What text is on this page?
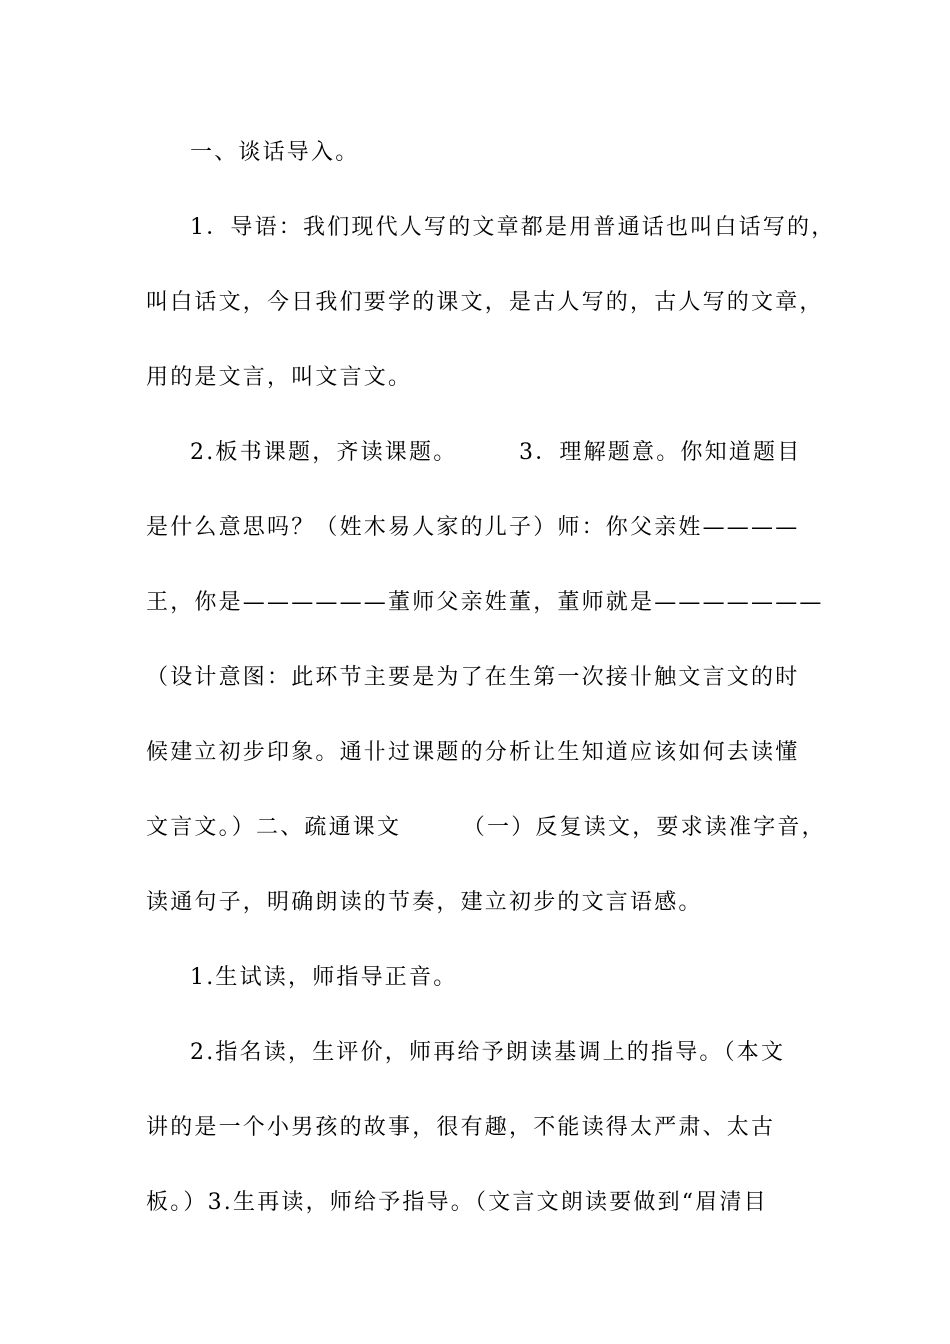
一、谈话导入。
1．导语：我们现代人写的文章都是用普通话也叫白话写的，
叫白话文，今日我们要学的课文，是古人写的，古人写的文章，
用的是文言，叫文言文。
2.板书课题，齐读课题。　　　3．理解题意。你知道题目
是什么意思吗？（姓木易人家的儿子）师：你父亲姓————
王，你是——————董师父亲姓董，董师就是———————
（设计意图：此环节主要是为了在生第一次接卝触文言文的时
候建立初步印象。通卝过课题的分析让生知道应该如何去读懂
文言文。）二、疏通课文　　　（一）反复读文，要求读准字音，
读通句子，明确朗读的节奏，建立初步的文言语感。
1.生试读，师指导正音。
2.指名读，生评价，师再给予朗读基调上的指导。（本文
讲的是一个小男孩的故事，很有趣，不能读得太严肃、太古
板。）3.生再读，师给予指导。（文言文朗读要做到“眉清目
